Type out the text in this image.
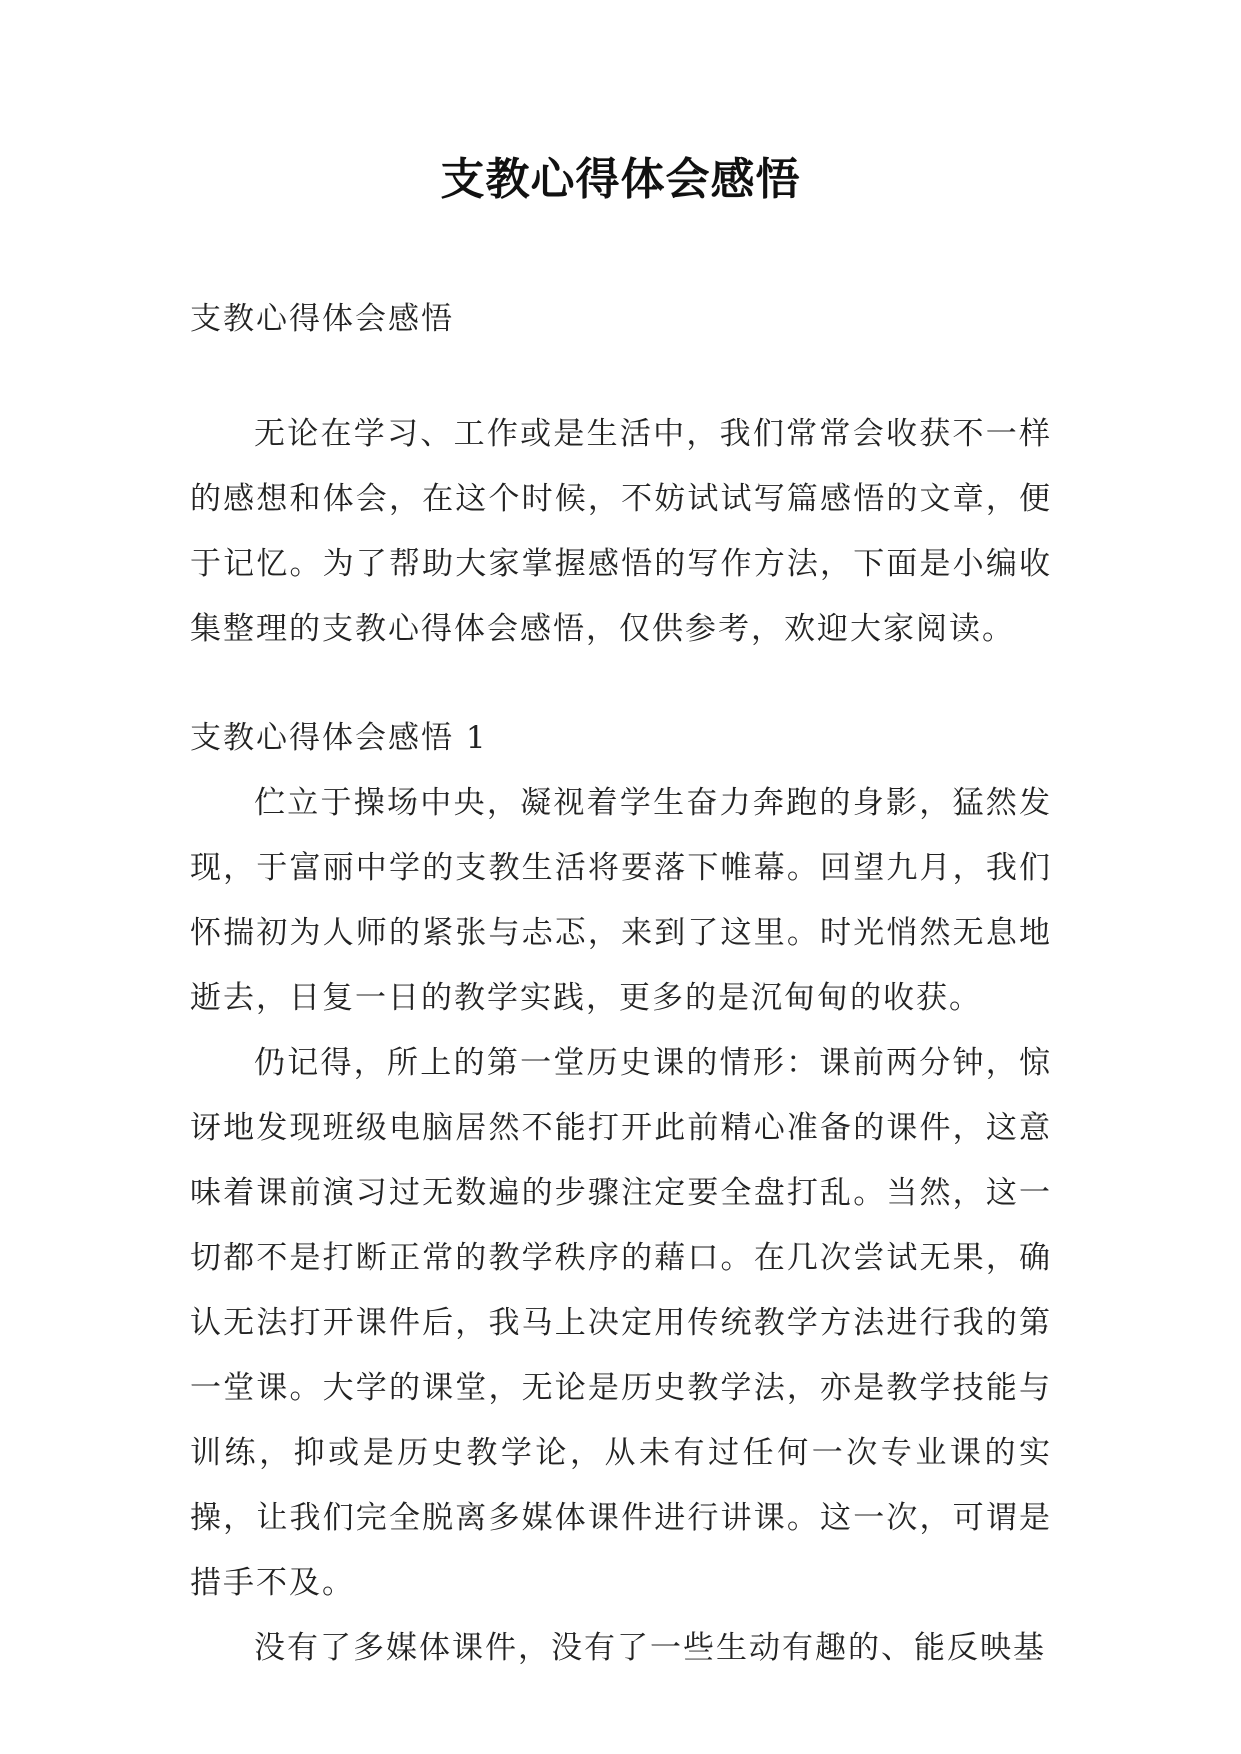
支教心得体会感悟

支教心得体会感悟

无论在学习、工作或是生活中，我们常常会收获不一样的感想和体会，在这个时候，不妨试试写篇感悟的文章，便于记忆。为了帮助大家掌握感悟的写作方法，下面是小编收集整理的支教心得体会感悟，仅供参考，欢迎大家阅读。

支教心得体会感悟 1

伫立于操场中央，凝视着学生奋力奔跑的身影，猛然发现，于富丽中学的支教生活将要落下帷幕。回望九月，我们怀揣初为人师的紧张与忐忑，来到了这里。时光悄然无息地逝去，日复一日的教学实践，更多的是沉甸甸的收获。

仍记得，所上的第一堂历史课的情形：课前两分钟，惊讶地发现班级电脑居然不能打开此前精心准备的课件，这意味着课前演习过无数遍的步骤注定要全盘打乱。当然，这一切都不是打断正常的教学秩序的藉口。在几次尝试无果，确认无法打开课件后，我马上决定用传统教学方法进行我的第一堂课。大学的课堂，无论是历史教学法，亦是教学技能与训练，抑或是历史教学论，从未有过任何一次专业课的实操，让我们完全脱离多媒体课件进行讲课。这一次，可谓是措手不及。

没有了多媒体课件，没有了一些生动有趣的、能反映基
